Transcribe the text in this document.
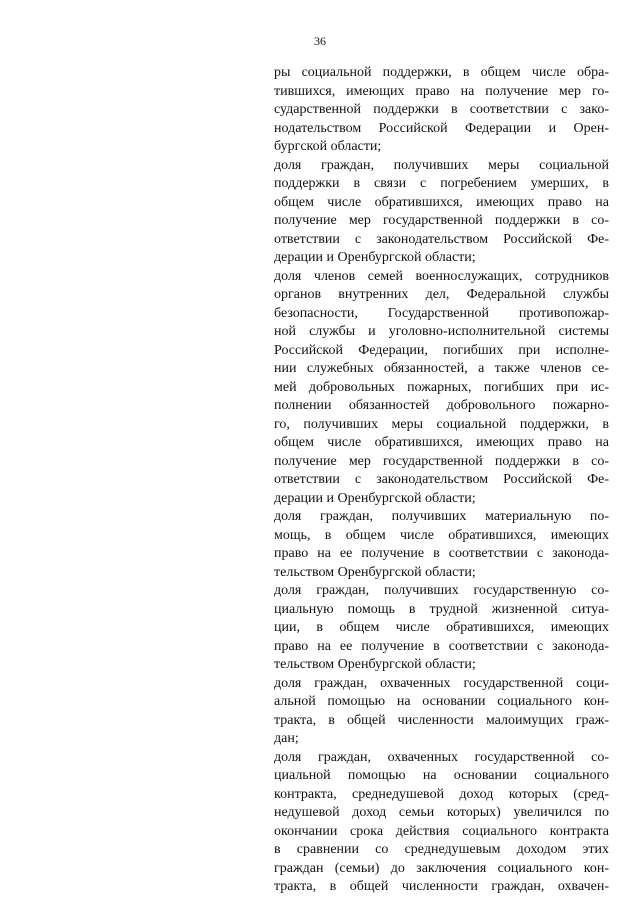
36
ры социальной поддержки, в общем числе обра-
тившихся, имеющих право на получение мер го-
сударственной поддержки в соответствии с зако-
нодательством Российской Федерации и Орен-
бургской области;
доля граждан, получивших меры социальной
поддержки в связи с погребением умерших, в
общем числе обратившихся, имеющих право на
получение мер государственной поддержки в со-
ответствии с законодательством Российской Фе-
дерации и Оренбургской области;
доля членов семей военнослужащих, сотрудников
органов внутренних дел, Федеральной службы
безопасности, Государственной противопожар-
ной службы и уголовно-исполнительной системы
Российской Федерации, погибших при исполне-
нии служебных обязанностей, а также членов се-
мей добровольных пожарных, погибших при ис-
полнении обязанностей добровольного пожарно-
го, получивших меры социальной поддержки, в
общем числе обратившихся, имеющих право на
получение мер государственной поддержки в со-
ответствии с законодательством Российской Фе-
дерации и Оренбургской области;
доля граждан, получивших материальную по-
мощь, в общем числе обратившихся, имеющих
право на ее получение в соответствии с законода-
тельством Оренбургской области;
доля граждан, получивших государственную со-
циальную помощь в трудной жизненной ситуа-
ции, в общем числе обратившихся, имеющих
право на ее получение в соответствии с законода-
тельством Оренбургской области;
доля граждан, охваченных государственной соци-
альной помощью на основании социального кон-
тракта, в общей численности малоимущих граж-
дан;
доля граждан, охваченных государственной со-
циальной помощью на основании социального
контракта, среднедушевой доход которых (сред-
недушевой доход семьи которых) увеличился по
окончании срока действия социального контракта
в сравнении со среднедушевым доходом этих
граждан (семьи) до заключения социального кон-
тракта, в общей численности граждан, охвачен-
